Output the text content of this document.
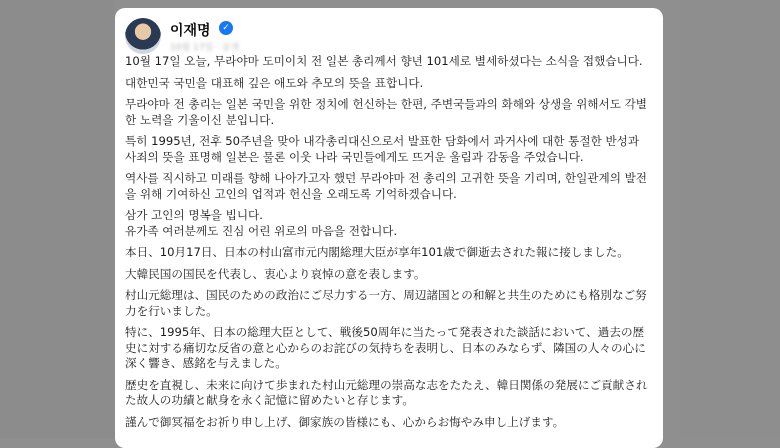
이재명	✓
10월 17일 · 공개

10월 17일 오늘, 무라야마 도미이치 전 일본 총리께서 향년 101세로 별세하셨다는 소식을 접했습니다.

대한민국 국민을 대표해 깊은 애도와 추모의 뜻을 표합니다.

무라야마 전 총리는 일본 국민을 위한 정치에 헌신하는 한편, 주변국들과의 화해와 상생을 위해서도 각별한 노력을 기울이신 분입니다.

특히 1995년, 전후 50주년을 맞아 내각총리대신으로서 발표한 담화에서 과거사에 대한 통절한 반성과 사죄의 뜻을 표명해 일본은 물론 이웃 나라 국민들에게도 뜨거운 울림과 감동을 주었습니다.

역사를 직시하고 미래를 향해 나아가고자 했던 무라야마 전 총리의 고귀한 뜻을 기리며, 한일관계의 발전을 위해 기여하신 고인의 업적과 헌신을 오래도록 기억하겠습니다.

삼가 고인의 명복을 빕니다.
유가족 여러분께도 진심 어린 위로의 마음을 전합니다.

本日、10月17日、日本の村山富市元内閣総理大臣が享年101歳で御逝去された報に接しました。

大韓民国の国民を代表し、衷心より哀悼の意を表します。

村山元総理は、国民のための政治にご尽力する一方、周辺諸国との和解と共生のためにも格別なご努力を行いました。

特に、1995年、日本の総理大臣として、戦後50周年に当たって発表された談話において、過去の歴史に対する痛切な反省の意と心からのお詫びの気持ちを表明し、日本のみならず、隣国の人々の心に深く響き、感銘を与えました。

歴史を直視し、未来に向けて歩まれた村山元総理の崇高な志をたたえ、韓日関係の発展にご貢献された故人の功績と献身を永く記憶に留めたいと存じます。

謹んで御冥福をお祈り申し上げ、御家族の皆様にも、心からお悔やみ申し上げます。
